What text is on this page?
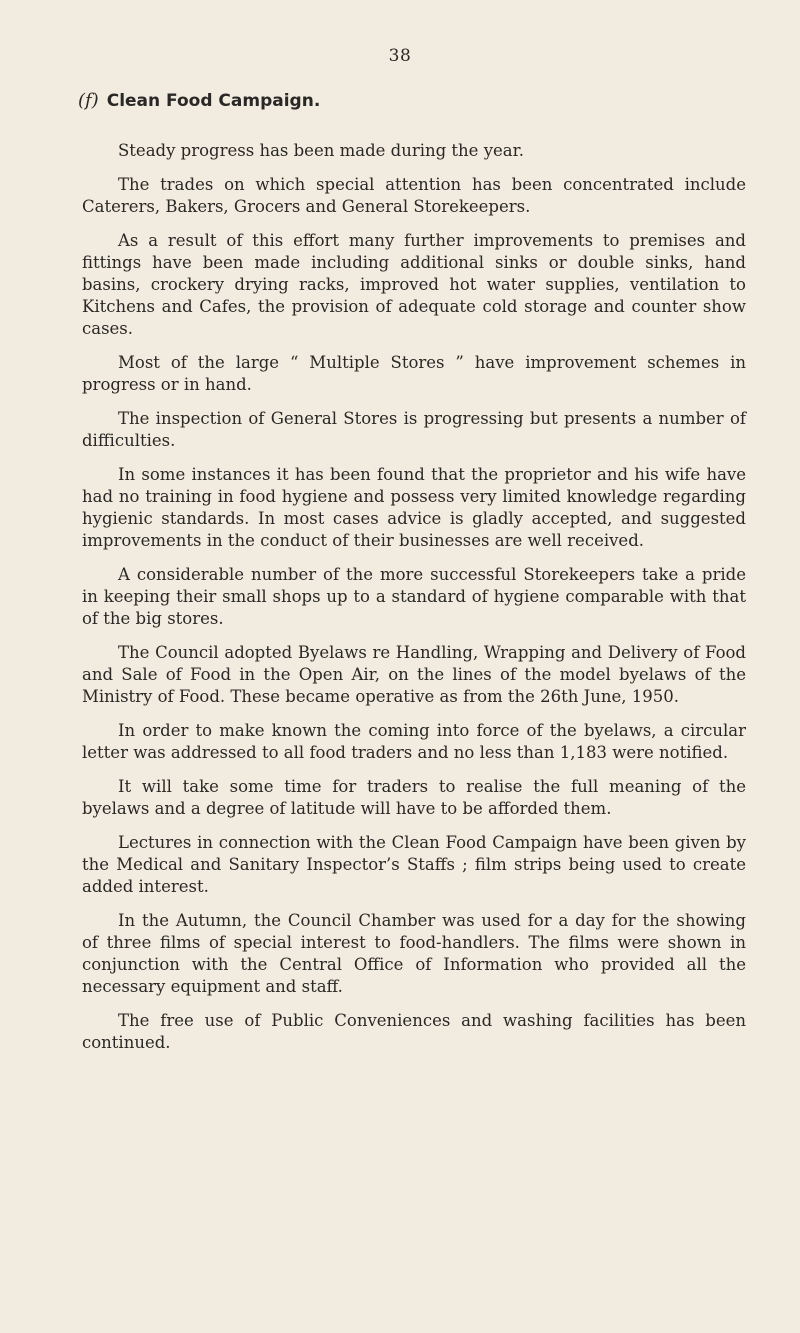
38
(f) Clean Food Campaign.

Steady progress has been made during the year.

The trades on which special attention has been concentrated include Caterers, Bakers, Grocers and General Storekeepers.

As a result of this effort many further improvements to premises and fittings have been made including additional sinks or double sinks, hand basins, crockery drying racks, improved hot water supplies, ventilation to Kitchens and Cafes, the provision of adequate cold storage and counter show cases.

Most of the large “ Multiple Stores ” have improvement schemes in progress or in hand.

The inspection of General Stores is progressing but presents a number of difficulties.

In some instances it has been found that the proprietor and his wife have had no training in food hygiene and possess very limited knowledge regarding hygienic standards. In most cases advice is gladly accepted, and suggested improvements in the conduct of their businesses are well received.

A considerable number of the more successful Storekeepers take a pride in keeping their small shops up to a standard of hygiene comparable with that of the big stores.

The Council adopted Byelaws re Handling, Wrapping and Delivery of Food and Sale of Food in the Open Air, on the lines of the model byelaws of the Ministry of Food. These became operative as from the 26th June, 1950.

In order to make known the coming into force of the byelaws, a circular letter was addressed to all food traders and no less than 1,183 were notified.

It will take some time for traders to realise the full meaning of the byelaws and a degree of latitude will have to be afforded them.

Lectures in connection with the Clean Food Campaign have been given by the Medical and Sanitary Inspector’s Staffs ; film strips being used to create added interest.

In the Autumn, the Council Chamber was used for a day for the showing of three films of special interest to food-handlers. The films were shown in conjunction with the Central Office of Information who provided all the necessary equipment and staff.

The free use of Public Conveniences and washing facilities has been continued.
